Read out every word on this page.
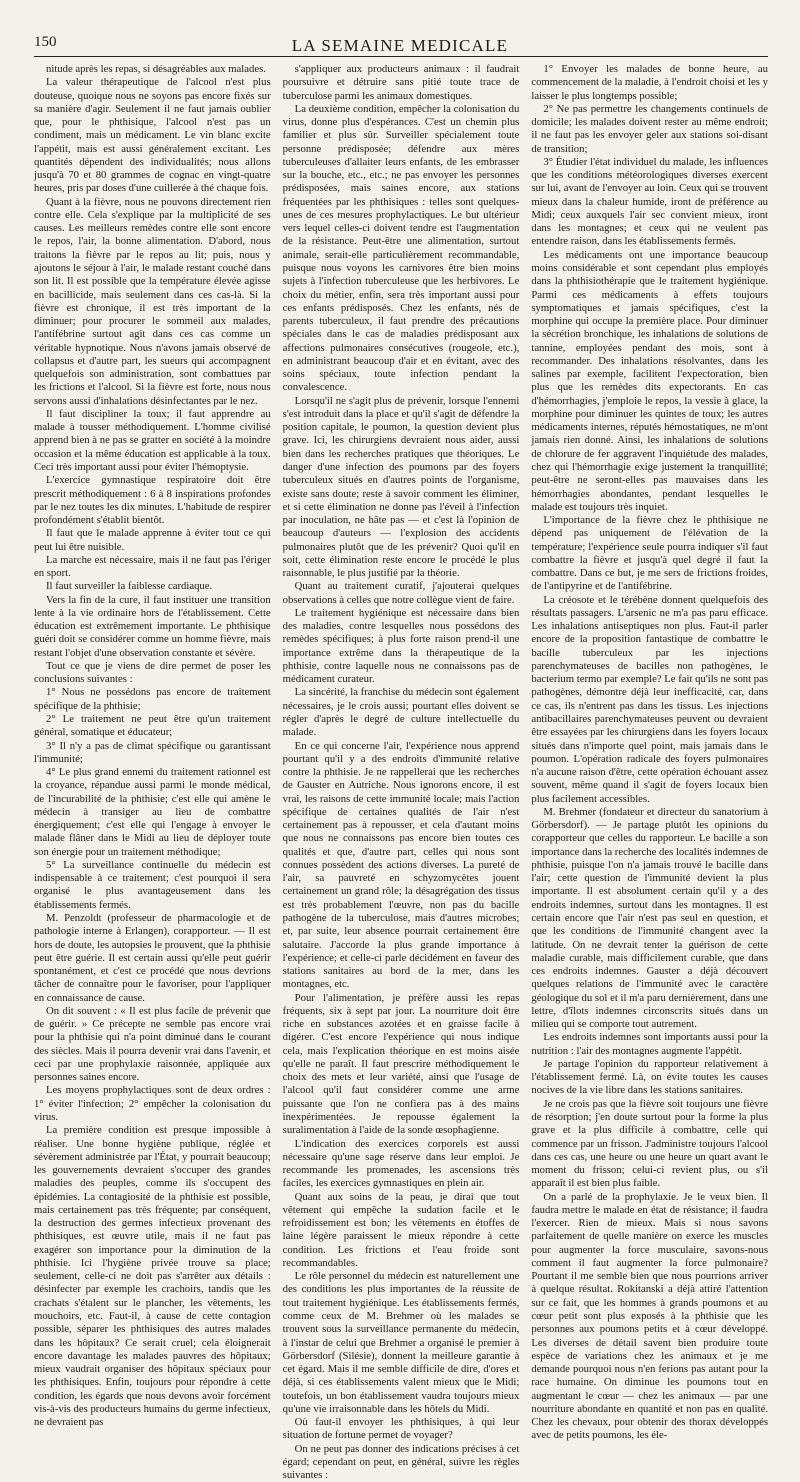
150	LA SEMAINE MEDICALE

nitude après les repas, si désagréables aux malades.

La valeur thérapeutique de l'alcool n'est plus douteuse, quoique nous ne soyons pas encore fixés sur sa manière d'agir. Seulement il ne faut jamais oublier que, pour le phthisique, l'alcool n'est pas un condiment, mais un médicament. Le vin blanc excite l'appétit, mais est aussi généralement excitant. Les quantités dépendent des individualités; nous allons jusqu'à 70 et 80 grammes de cognac en vingt-quatre heures, pris par doses d'une cuillerée à thé chaque fois.

Quant à la fièvre, nous ne pouvons directement rien contre elle. Cela s'explique par la multiplicité de ses causes. Les meilleurs remèdes contre elle sont encore le repos, l'air, la bonne alimentation. D'abord, nous traitons la fièvre par le repos au lit; puis, nous y ajoutons le séjour à l'air, le malade restant couché dans son lit. Il est possible que la température élevée agisse en bacillicide, mais seulement dans ces cas-là. Si la fièvre est chronique, il est très important de la diminuer; pour procurer le sommeil aux malades, l'antifébrine surtout agit dans ces cas comme un véritable hypnotique. Nous n'avons jamais observé de collapsus et d'autre part, les sueurs qui accompagnent quelquefois son administration, sont combattues par les frictions et l'alcool. Si la fièvre est forte, nous nous servons aussi d'inhalations désinfectantes par le nez.

Il faut discipliner la toux; il faut apprendre au malade à tousser méthodiquement. L'homme civilisé apprend bien à ne pas se gratter en société à la moindre occasion et la même éducation est applicable à la toux. Ceci très important aussi pour éviter l'hémoptysie.

L'exercice gymnastique respiratoire doit être prescrit méthodiquement : 6 à 8 inspirations profondes par le nez toutes les dix minutes. L'habitude de respirer profondément s'établit bientôt.

Il faut que le malade apprenne à éviter tout ce qui peut lui être nuisible.

La marche est nécessaire, mais il ne faut pas l'ériger en sport.

Il faut surveiller la faiblesse cardiaque.

Vers la fin de la cure, il faut instituer une transition lente à la vie ordinaire hors de l'établissement. Cette éducation est extrêmement importante. Le phthisique guéri doit se considérer comme un homme fièvre, mais restant l'objet d'une observation constante et sévère.

Tout ce que je viens de dire permet de poser les conclusions suivantes :

1° Nous ne possédons pas encore de traitement spécifique de la phthisie;

2° Le traitement ne peut être qu'un traitement général, somatique et éducateur;

3° Il n'y a pas de climat spécifique ou garantissant l'immunité;

4° Le plus grand ennemi du traitement rationnel est la croyance, répandue aussi parmi le monde médical, de l'incurabilité de la phthisie; c'est elle qui amène le médecin à transiger au lieu de combattre énergiquement; c'est elle qui l'engage à envoyer le malade flâner dans le Midi au lieu de déployer toute son énergie pour un traitement méthodique;

5° La surveillance continuelle du médecin est indispensable à ce traitement; c'est pourquoi il sera organisé le plus avantageusement dans les établissements fermés.

M. Penzoldt (professeur de pharmacologie et de pathologie interne à Erlangen), corapporteur. — Il est hors de doute, les autopsies le prouvent, que la phthisie peut être guérie. Il est certain aussi qu'elle peut guérir spontanément, et c'est ce procédé que nous devrions tâcher de connaître pour le favoriser, pour l'appliquer en connaissance de cause.

On dit souvent : « Il est plus facile de prévenir que de guérir. » Ce précepte ne semble pas encore vrai pour la phthisie qui n'a point diminué dans le courant des siècles. Mais il pourra devenir vrai dans l'avenir, et ceci par une prophylaxie raisonnée, appliquée aux personnes saines encore.

Les moyens prophylactiques sont de deux ordres : 1° éviter l'infection; 2° empêcher la colonisation du virus.

La première condition est presque impossible à réaliser. Une bonne hygiène publique, réglée et sévèrement administrée par l'État, y pourrait beaucoup; les gouvernements devraient s'occuper des grandes maladies des peuples, comme ils s'occupent des épidémies. La contagiosité de la phthisie est possible, mais certainement pas très fréquente; par conséquent, la destruction des germes infectieux provenant des phthisiques, est œuvre utile, mais il ne faut pas exagérer son importance pour la diminution de la phthisie. Ici l'hygiène privée trouve sa place; seulement, celle-ci ne doit pas s'arrêter aux détails : désinfecter par exemple les crachoirs, tandis que les crachats s'étalent sur le plancher, les vêtements, les mouchoirs, etc. Faut-il, à cause de cette contagion possible, séparer les phthisiques des autres malades dans les hôpitaux? Ce serait cruel; cela éloignerait encore davantage les malades pauvres des hôpitaux; mieux vaudrait organiser des hôpitaux spéciaux pour les phthisiques. Enfin, toujours pour répondre à cette condition, les égards que nous devons avoir forcément vis-à-vis des producteurs humains du germe infectieux, ne devraient pas

s'appliquer aux producteurs animaux : il faudrait poursuivre et détruire sans pitié toute trace de tuberculose parmi les animaux domestiques.

La deuxième condition, empêcher la colonisation du virus, donne plus d'espérances. C'est un chemin plus familier et plus sûr. Surveiller spécialement toute personne prédisposée; défendre aux mères tuberculeuses d'allaiter leurs enfants, de les embrasser sur la bouche, etc., etc.; ne pas envoyer les personnes prédisposées, mais saines encore, aux stations fréquentées par les phthisiques : telles sont quelques-unes de ces mesures prophylactiques. Le but ultérieur vers lequel celles-ci doivent tendre est l'augmentation de la résistance. Peut-être une alimentation, surtout animale, serait-elle particulièrement recommandable, puisque nous voyons les carnivores être bien moins sujets à l'infection tuberculeuse que les herbivores. Le choix du métier, enfin, sera très important aussi pour ces enfants prédisposés. Chez les enfants, nés de parents tuberculeux, il faut prendre des précautions spéciales dans le cas de maladies prédisposant aux affections pulmonaires consécutives (rougeole, etc.), en administrant beaucoup d'air et en évitant, avec des soins spéciaux, toute infection pendant la convalescence.

Lorsqu'il ne s'agit plus de prévenir, lorsque l'ennemi s'est introduit dans la place et qu'il s'agit de défendre la position capitale, le poumon, la question devient plus grave. Ici, les chirurgiens devraient nous aider, aussi bien dans les recherches pratiques que théoriques. Le danger d'une infection des poumons par des foyers tuberculeux situés en d'autres points de l'organisme, existe sans doute; reste à savoir comment les éliminer, et si cette élimination ne donne pas l'éveil à l'infection par inoculation, ne hâte pas — et c'est là l'opinion de beaucoup d'auteurs — l'explosion des accidents pulmonaires plutôt que de les prévenir? Quoi qu'il en soit, cette élimination reste encore le procédé le plus raisonnable, le plus justifié par la théorie.

Quant au traitement curatif, j'ajouterai quelques observations à celles que notre collègue vient de faire.

Le traitement hygiénique est nécessaire dans bien des maladies, contre lesquelles nous possédons des remèdes spécifiques; à plus forte raison prend-il une importance extrême dans la thérapeutique de la phthisie, contre laquelle nous ne connaissons pas de médicament curateur.

La sincérité, la franchise du médecin sont également nécessaires, je le crois aussi; pourtant elles doivent se régler d'après le degré de culture intellectuelle du malade.

En ce qui concerne l'air, l'expérience nous apprend pourtant qu'il y a des endroits d'immunité relative contre la phthisie. Je ne rappellerai que les recherches de Gauster en Autriche. Nous ignorons encore, il est vrai, les raisons de cette immunité locale; mais l'action spécifique de certaines qualités de l'air n'est certainement pas à repousser, et cela d'autant moins que nous ne connaissons pas encore bien toutes ces qualités et que, d'autre part, celles qui nous sont connues possèdent des actions diverses. La pureté de l'air, sa pauvreté en schyzomycètes jouent certainement un grand rôle; la désagrégation des tissus est très probablement l'œuvre, non pas du bacille pathogène de la tuberculose, mais d'autres microbes; et, par suite, leur absence pourrait certainement être salutaire. J'accorde la plus grande importance à l'expérience; et celle-ci parle décidément en faveur des stations sanitaires au bord de la mer, dans les montagnes, etc.

Pour l'alimentation, je préfère aussi les repas fréquents, six à sept par jour. La nourriture doit être riche en substances azotées et en graisse facile à digérer. C'est encore l'expérience qui nous indique cela, mais l'explication théorique en est moins aisée qu'elle ne paraît. Il faut prescrire méthodiquement le choix des mets et leur variété, ainsi que l'usage de l'alcool qu'il faut considérer comme une arme puissante que l'on ne confiera pas à des mains inexpérimentées. Je repousse également la suralimentation à l'aide de la sonde œsophagienne.

L'indication des exercices corporels est aussi nécessaire qu'une sage réserve dans leur emploi. Je recommande les promenades, les ascensions très faciles, les exercices gymnastiques en plein air.

Quant aux soins de la peau, je dirai que tout vêtement qui empêche la sudation facile et le refroidissement est bon; les vêtements en étoffes de laine légère paraissent le mieux répondre à cette condition. Les frictions et l'eau froide sont recommandables.

Le rôle personnel du médecin est naturellement une des conditions les plus importantes de la réussite de tout traitement hygiénique. Les établissements fermés, comme ceux de M. Brehmer où les malades se trouvent sous la surveillance permanente du médecin, à l'instar de celui que Brehmer a organisé le premier à Görbersdorf (Silésie), donnent la meilleure garantie à cet égard. Mais il me semble difficile de dire, d'ores et déjà, si ces établissements valent mieux que le Midi; toutefois, un bon établissement vaudra toujours mieux qu'une vie irraisonnable dans les hôtels du Midi.

Où faut-il envoyer les phthisiques, à qui leur situation de fortune permet de voyager?

On ne peut pas donner des indications précises à cet égard; cependant on peut, en général, suivre les règles suivantes :

1° Envoyer les malades de bonne heure, au commencement de la maladie, à l'endroit choisi et les y laisser le plus longtemps possible;

2° Ne pas permettre les changements continuels de domicile; les malades doivent rester au même endroit; il ne faut pas les envoyer geler aux stations soi-disant de transition;

3° Étudier l'état individuel du malade, les influences que les conditions météorologiques diverses exercent sur lui, avant de l'envoyer au loin. Ceux qui se trouvent mieux dans la chaleur humide, iront de préférence au Midi; ceux auxquels l'air sec convient mieux, iront dans les montagnes; et ceux qui ne veulent pas entendre raison, dans les établissements fermés.

Les médicaments ont une importance beaucoup moins considérable et sont cependant plus employés dans la phthisiothérapie que le traitement hygiénique. Parmi ces médicaments à effets toujours symptomatiques et jamais spécifiques, c'est la morphine qui occupe la première place. Pour diminuer la sécrétion bronchique, les inhalations de solutions de tannine, employées pendant des mois, sont à recommander. Des inhalations résolvantes, dans les salines par exemple, facilitent l'expectoration, bien plus que les remèdes dits expectorants. En cas d'hémorrhagies, j'emploie le repos, la vessie à glace, la morphine pour diminuer les quintes de toux; les autres médicaments internes, réputés hémostatiques, ne m'ont jamais rien donné. Ainsi, les inhalations de solutions de chlorure de fer aggravent l'inquiétude des malades, chez qui l'hémorrhagie exige justement la tranquillité; peut-être ne seront-elles pas mauvaises dans les hémorrhagies abondantes, pendant lesquelles le malade est toujours très inquiet.

L'importance de la fièvre chez le phthisique ne dépend pas uniquement de l'élévation de la température; l'expérience seule pourra indiquer s'il faut combattre la fièvre et jusqu'à quel degré il faut la combattre. Dans ce but, je me sers de frictions froides, de l'antipyrine et de l'antifébrine.

La créosote et le térébène donnent quelquefois des résultats passagers. L'arsenic ne m'a pas paru efficace. Les inhalations antiseptiques non plus. Faut-il parler encore de la proposition fantastique de combattre le bacille tuberculeux par les injections parenchymateuses de bacilles non pathogènes, le bacterium termo par exemple? Le fait qu'ils ne sont pas pathogènes, démontre déjà leur inefficacité, car, dans ce cas, ils n'entrent pas dans les tissus. Les injections antibacillaires parenchymateuses peuvent ou devraient être essayées par les chirurgiens dans les foyers locaux situés dans n'importe quel point, mais jamais dans le poumon. L'opération radicale des foyers pulmonaires n'a aucune raison d'être, cette opération échouant assez souvent, même quand il s'agit de foyers locaux bien plus facilement accessibles.

M. Brehmer (fondateur et directeur du sanatorium à Görbersdorf). — Je partage plutôt les opinions du corapporteur que celles du rapporteur. Le bacille a son importance dans la recherche des localités indemnes de phthisie, puisque l'on n'a jamais trouvé le bacille dans l'air; cette question de l'immunité devient la plus importante. Il est absolument certain qu'il y a des endroits indemnes, surtout dans les montagnes. Il est certain encore que l'air n'est pas seul en question, et que les conditions de l'immunité changent avec la latitude. On ne devrait tenter la guérison de cette maladie curable, mais difficilement curable, que dans ces endroits indemnes. Gauster a déjà découvert quelques relations de l'immunité avec le caractère géologique du sol et il m'a paru dernièrement, dans une lettre, d'îlots indemnes circonscrits situés dans un milieu qui se comporte tout autrement.

Les endroits indemnes sont importants aussi pour la nutrition : l'air des montagnes augmente l'appétit.

Je partage l'opinion du rapporteur relativement à l'établissement fermé. Là, on évite toutes les causes nocives de la vie libre dans les stations sanitaires.

Je ne crois pas que la fièvre soit toujours une fièvre de résorption; j'en doute surtout pour la forme la plus grave et la plus difficile à combattre, celle qui commence par un frisson. J'administre toujours l'alcool dans ces cas, une heure ou une heure un quart avant le moment du frisson; celui-ci revient plus, ou s'il apparaît il est bien plus faible.

On a parlé de la prophylaxie. Je le veux bien. Il faudra mettre le malade en état de résistance; il faudra l'exercer. Rien de mieux. Mais si nous savons parfaitement de quelle manière on exerce les muscles pour augmenter la force musculaire, savons-nous comment il faut augmenter la force pulmonaire? Pourtant il me semble bien que nous pourrions arriver à quelque résultat. Rokitanski a déjà attiré l'attention sur ce fait, que les hommes à grands poumons et au cœur petit sont plus exposés à la phthisie que les personnes aux poumons petits et à cœur développé. Les diverses de détail savent bien produire toute espèce de variations chez les animaux et je me demande pourquoi nous n'en ferions pas autant pour la race humaine. On diminue les poumons tout en augmentant le cœur — chez les animaux — par une nourriture abondante en quantité et non pas en qualité. Chez les chevaux, pour obtenir des thorax développés avec de petits poumons, les éle-
